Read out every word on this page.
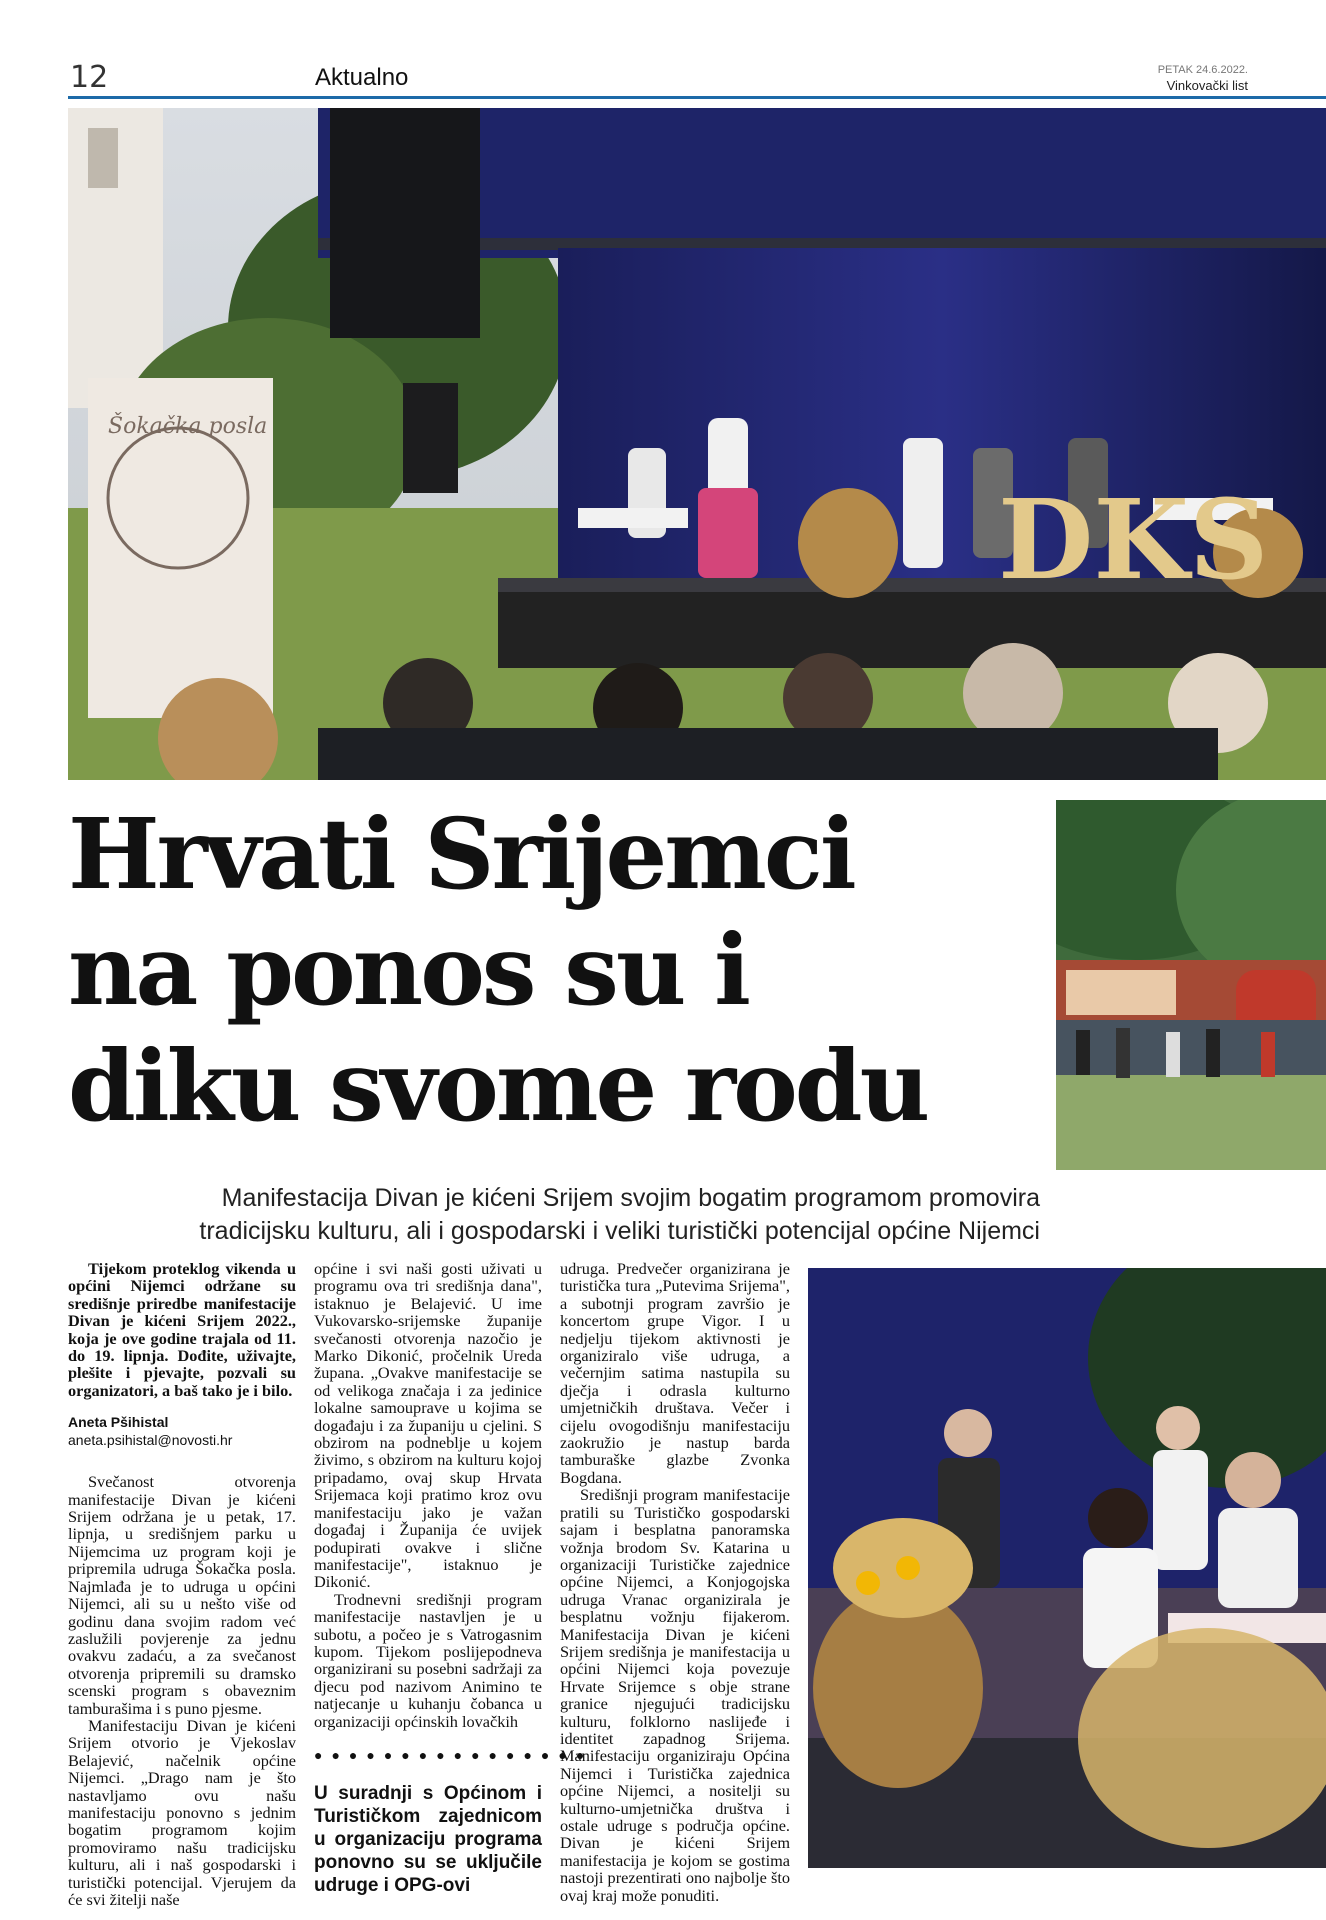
12	Aktualno	PETAK 24.6.2022.
Vinkovački list
DKS
Šokačka posla
Hrvati Srijemci
na ponos su i
diku svome rodu
Manifestacija Divan je kićeni Srijem svojim bogatim programom promovira
tradicijsku kulturu, ali i gospodarski i veliki turistički potencijal općine Nijemci

Tijekom proteklog vikenda u općini Nijemci održane su središnje priredbe manifestacije Divan je kićeni Srijem 2022., koja je ove godine trajala od 11. do 19. lipnja. Dođite, uživajte, plešite i pjevajte, pozvali su organizatori, a baš tako je i bilo.

Aneta Pšihistal
aneta.psihistal@novosti.hr

Svečanost otvorenja manifestacije Divan je kićeni Srijem održana je u petak, 17. lipnja, u središnjem parku u Nijemcima uz program koji je pripremila udruga Šokačka posla. Najmlađa je to udruga u općini Nijemci, ali su u nešto više od godinu dana svojim radom već zaslužili povjerenje za jednu ovakvu zadaću, a za svečanost otvorenja pripremili su dramsko scenski program s obaveznim tamburašima i s puno pjesme.

Manifestaciju Divan je kićeni Srijem otvorio je Vjekoslav Belajević, načelnik općine Nijemci. „Drago nam je što nastavljamo ovu našu manifestaciju ponovno s jednim bogatim programom kojim promoviramo našu tradicijsku kulturu, ali i naš gospodarski i turistički potencijal. Vjerujem da će svi žitelji naše

općine i svi naši gosti uživati u programu ova tri središnja dana", istaknuo je Belajević. U ime Vukovarsko-srijemske županije svečanosti otvorenja nazočio je Marko Dikonić, pročelnik Ureda župana. „Ovakve manifestacije se od velikoga značaja i za jedinice lokalne samouprave u kojima se događaju i za županiju u cjelini. S obzirom na podneblje u kojem živimo, s obzirom na kulturu kojoj pripadamo, ovaj skup Hrvata Srijemaca koji pratimo kroz ovu manifestaciju jako je važan događaj i Županija će uvijek podupirati ovakve i slične manifestacije", istaknuo je Dikonić.

Trodnevni središnji program manifestacije nastavljen je u subotu, a počeo je s Vatrogasnim kupom. Tijekom poslijepodneva organizirani su posebni sadržaji za djecu pod nazivom Animino te natjecanje u kuhanju čobanca u organizaciji općinskih lovačkih

●●●●●●●●●●●●●●●●
U suradnji s Općinom i Turističkom zajednicom u organizaciju programa ponovno su se uključile udruge i OPG-ovi

udruga. Predvečer organizirana je turistička tura „Putevima Srijema", a subotnji program završio je koncertom grupe Vigor. I u nedjelju tijekom aktivnosti je organiziralo više udruga, a večernjim satima nastupila su dječja i odrasla kulturno umjetničkih društava. Večer i cijelu ovogodišnju manifestaciju zaokružio je nastup barda tamburaške glazbe Zvonka Bogdana.

Središnji program manifestacije pratili su Turističko gospodarski sajam i besplatna panoramska vožnja brodom Sv. Katarina u organizaciji Turističke zajednice općine Nijemci, a Konjogojska udruga Vranac organizirala je besplatnu vožnju fijakerom. Manifestacija Divan je kićeni Srijem središnja je manifestacija u općini Nijemci koja povezuje Hrvate Srijemce s obje strane granice njegujući tradicijsku kulturu, folklorno naslijeđe i identitet zapadnog Srijema. Manifestaciju organiziraju Općina Nijemci i Turistička zajednica općine Nijemci, a nositelji su kulturno-umjetnička društva i ostale udruge s područja općine. Divan je kićeni Srijem manifestacija je kojom se gostima nastoji prezentirati ono najbolje što ovaj kraj može ponuditi.
